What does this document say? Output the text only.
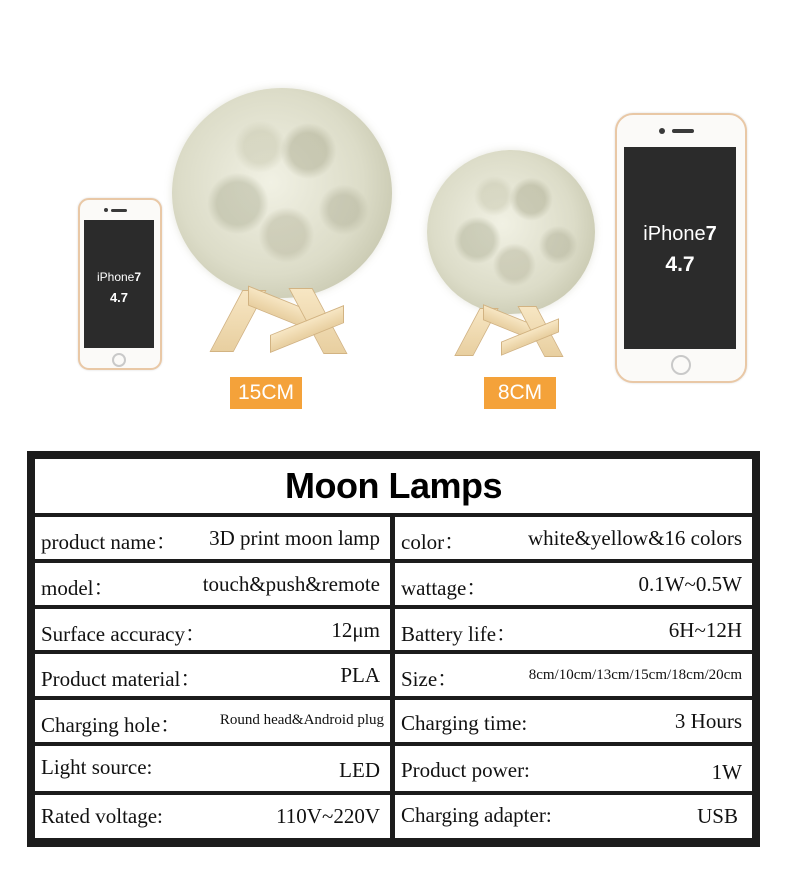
iPhone7
4.7
15CM	8CM
iPhone7
4.7
Moon Lamps
product name： 3D print moon lamp color：	white&yellow&16 colors
model：	touch&push&remote wattage：	0.1W~0.5W
Surface accuracy：	12μm Battery life：	6H~12H
Product material：	PLA Size：	8cm/10cm/13cm/15cm/18cm/20cm
Charging hole：	Round head&Android plug Charging time:	3 Hours
Light source:	LED Product power:	1W
Rated voltage:	110V~220V Charging adapter:	USB
